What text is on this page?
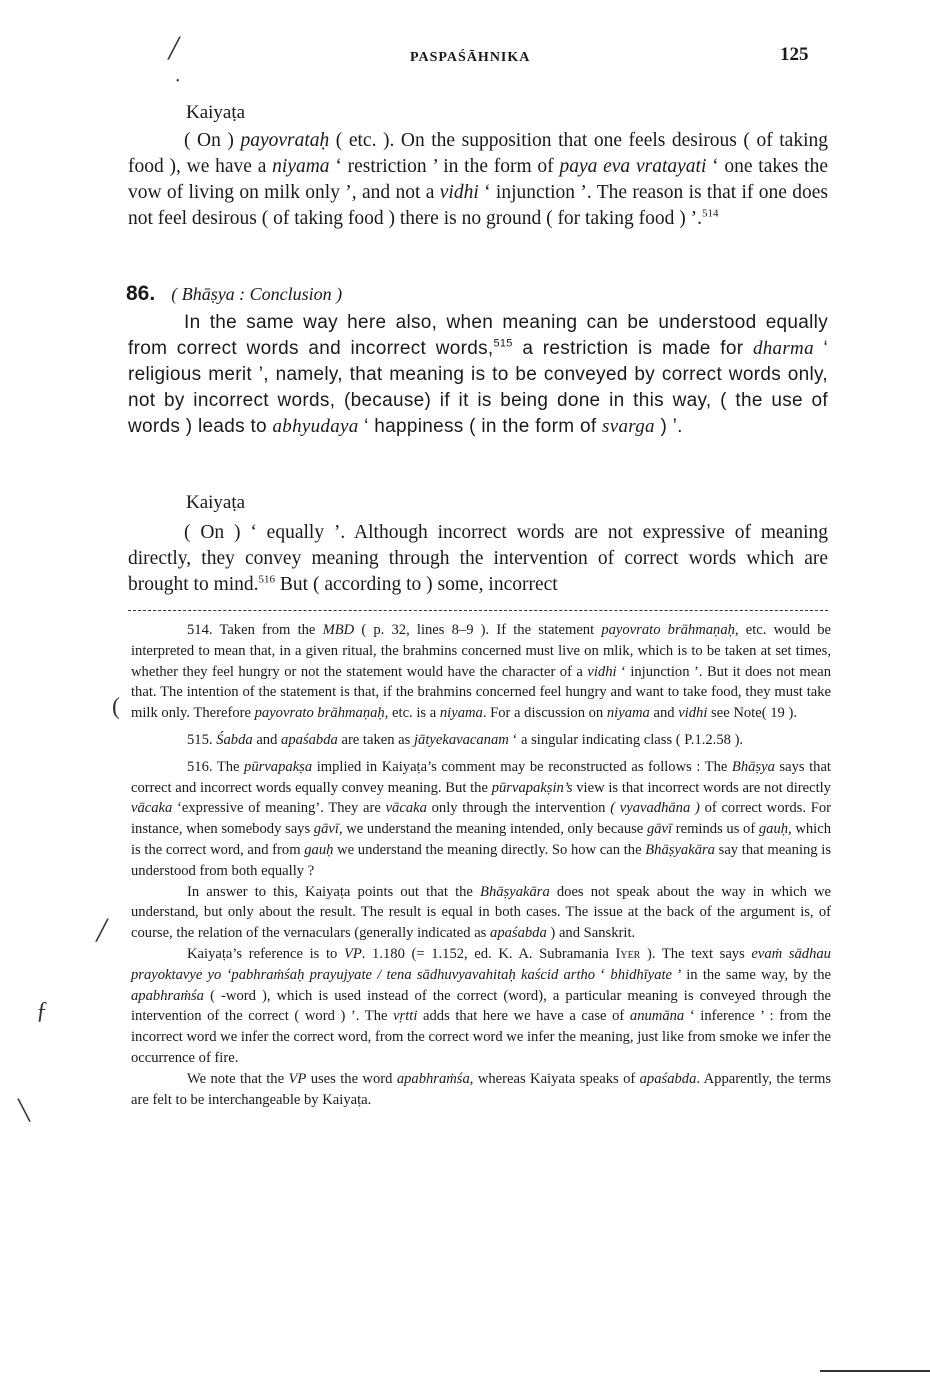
╱
•
(
╱
ƒ
╲
PASPAŚĀHNIKA	125
Kaiyaṭa

( On ) payovrataḥ ( etc. ). On the supposition that one feels desirous ( of taking food ), we have a niyama ‘ restriction ’ in the form of paya eva vratayati ‘ one takes the vow of living on milk only ’, and not a vidhi ‘ injunction ’. The reason is that if one does not feel desirous ( of taking food ) there is no ground ( for taking food ) ’.$^{514}$

86. ( Bhāṣya : Conclusion )

In the same way here also, when meaning can be understood equally from correct words and incorrect words,$^{515}$ a restriction is made for dharma ‘ religious merit ’, namely, that meaning is to be conveyed by correct words only, not by incorrect words, (because) if it is being done in this way, ( the use of words ) leads to abhyudaya ‘ happiness ( in the form of svarga ) ’.

Kaiyaṭa

( On ) ‘ equally ’. Although incorrect words are not expressive of meaning directly, they convey meaning through the intervention of correct words which are brought to mind.$^{516}$ But ( according to ) some, incorrect

514. Taken from the MBD ( p. 32, lines 8–9 ). If the statement payovrato brāhmaṇaḥ, etc. would be interpreted to mean that, in a given ritual, the brahmins concerned must live on mlik, which is to be taken at set times, whether they feel hungry or not the statement would have the character of a vidhi ‘ injunction ’. But it does not mean that. The intention of the statement is that, if the brahmins concerned feel hungry and want to take food, they must take milk only. Therefore payovrato brāhmaṇaḥ, etc. is a niyama. For a discussion on niyama and vidhi see Note( 19 ).

515. Śabda and apaśabda are taken as jātyekavacanam ‘ a singular indicating class ( P.1.2.58 ).

516. The pūrvapakṣa implied in Kaiyaṭa’s comment may be reconstructed as follows : The Bhāṣya says that correct and incorrect words equally convey meaning. But the pūrvapakṣin’s view is that incorrect words are not directly vācaka ‘expressive of meaning’. They are vācaka only through the intervention ( vyavadhāna ) of correct words. For instance, when somebody says gāvī, we understand the meaning intended, only because gāvī reminds us of gauḥ, which is the correct word, and from gauḥ we understand the meaning directly. So how can the Bhāṣyakāra say that meaning is understood from both equally ?

In answer to this, Kaiyaṭa points out that the Bhāṣyakāra does not speak about the way in which we understand, but only about the result. The result is equal in both cases. The issue at the back of the argument is, of course, the relation of the vernaculars (generally indicated as apaśabda ) and Sanskrit.

Kaiyaṭa’s reference is to VP. 1.180 (= 1.152, ed. K. A. Subramania Iyer ). The text says evaṁ sādhau prayoktavye yo ‘pabhraṁśaḥ prayujyate / tena sādhuvyavahitaḥ kaścid artho ‘ bhidhīyate ’ in the same way, by the apabhraṁśa ( -word ), which is used instead of the correct (word), a particular meaning is conveyed through the intervention of the correct ( word ) ’. The vṛtti adds that here we have a case of anumāna ‘ inference ’ : from the incorrect word we infer the correct word, from the correct word we infer the meaning, just like from smoke we infer the occurrence of fire.

We note that the VP uses the word apabhraṁśa, whereas Kaiyata speaks of apaśabda. Apparently, the terms are felt to be interchangeable by Kaiyaṭa.
